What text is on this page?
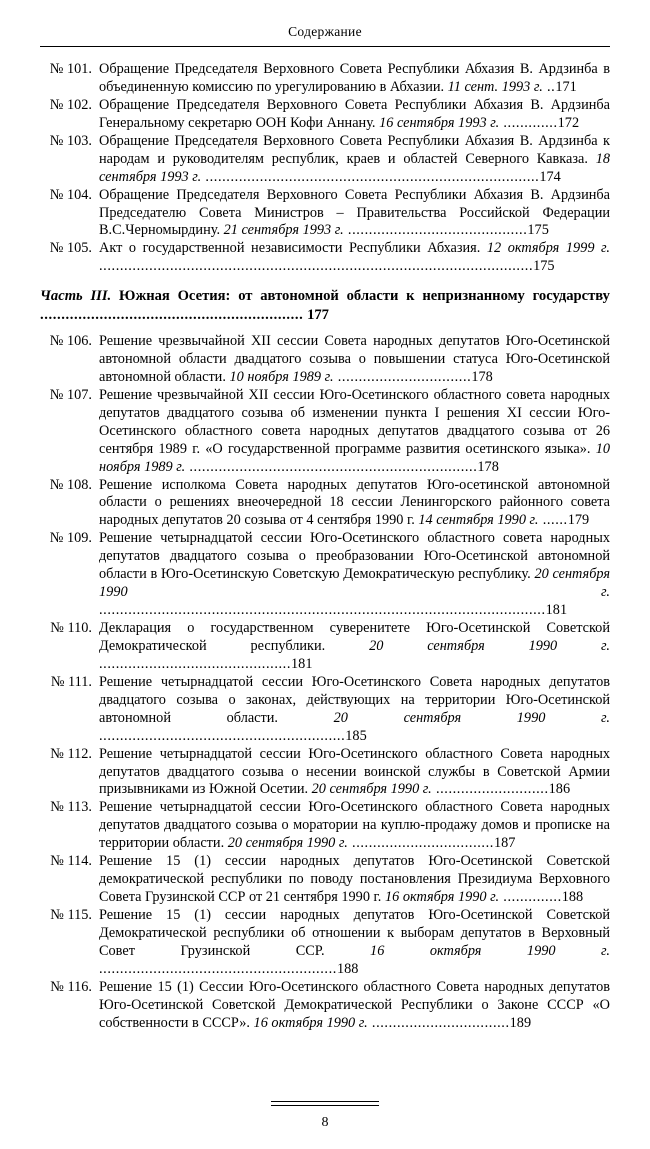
Содержание
№ 101. Обращение Председателя Верховного Совета Республики Абхазия В. Ардзинба в объединенную комиссию по урегулированию в Абхазии. 11 сент. 1993 г. ..171
№ 102. Обращение Председателя Верховного Совета Республики Абхазия В. Ардзинба Генеральному секретарю ООН Кофи Аннану. 16 сентября 1993 г. .............172
№ 103. Обращение Председателя Верховного Совета Республики Абхазия В. Ардзинба к народам и руководителям республик, краев и областей Северного Кавказа. 18 сентября 1993 г. ................................................................................174
№ 104. Обращение Председателя Верховного Совета Республики Абхазия В. Ардзинба Председателю Совета Министров – Правительства Российской Федерации В.С.Черномырдину. 21 сентября 1993 г. ...........................................175
№ 105. Акт о государственной независимости Республики Абхазия. 12 октября 1999 г. ........................................................................................................175
Часть III. Южная Осетия: от автономной области к непризнанному государству .............................................................. 177
№ 106. Решение чрезвычайной XII сессии Совета народных депутатов Юго-Осетинской автономной области двадцатого созыва о повышении статуса Юго-Осетинской автономной области. 10 ноября 1989 г. ................................178
№ 107. Решение чрезвычайной XII сессии Юго-Осетинского областного совета народных депутатов двадцатого созыва об изменении пункта I решения XI сессии Юго-Осетинского областного совета народных депутатов двадцатого созыва от 26 сентября 1989 г. «О государственной программе развития осетинского языка». 10 ноября 1989 г. .....................................................................178
№ 108. Решение исполкома Совета народных депутатов Юго-осетинской автономной области о решениях внеочередной 18 сессии Ленингорского районного совета народных депутатов 20 созыва от 4 сентября 1990 г. 14 сентября 1990 г. ......179
№ 109. Решение четырнадцатой сессии Юго-Осетинского областного совета народных депутатов двадцатого созыва о преобразовании Юго-Осетинской автономной области в Юго-Осетинскую Советскую Демократическую республику. 20 сентября 1990 г. ...........................................................................................................181
№ 110. Декларация о государственном суверенитете Юго-Осетинской Советской Демократической республики. 20 сентября 1990 г. ..............................................181
№ 111. Решение четырнадцатой сессии Юго-Осетинского Совета народных депутатов двадцатого созыва о законах, действующих на территории Юго-Осетинской автономной области. 20 сентября 1990 г. ...........................................................185
№ 112. Решение четырнадцатой сессии Юго-Осетинского областного Совета народных депутатов двадцатого созыва о несении воинской службы в Советской Армии призывниками из Южной Осетии. 20 сентября 1990 г. ...........................186
№ 113. Решение четырнадцатой сессии Юго-Осетинского областного Совета народных депутатов двадцатого созыва о моратории на куплю-продажу домов и прописке на территории области. 20 сентября 1990 г. ..................................187
№ 114. Решение 15 (1) сессии народных депутатов Юго-Осетинской Советской демократической республики по поводу постановления Президиума Верховного Совета Грузинской ССР от 21 сентября 1990 г. 16 октября 1990 г. ..............188
№ 115. Решение 15 (1) сессии народных депутатов Юго-Осетинской Советской Демократической республики об отношении к выборам депутатов в Верховный Совет Грузинской ССР. 16 октября 1990 г. .........................................................188
№ 116. Решение 15 (1) Сессии Юго-Осетинского областного Совета народных депутатов Юго-Осетинской Советской Демократической Республики о Законе СССР «О собственности в СССР». 16 октября 1990 г. .................................189
8
